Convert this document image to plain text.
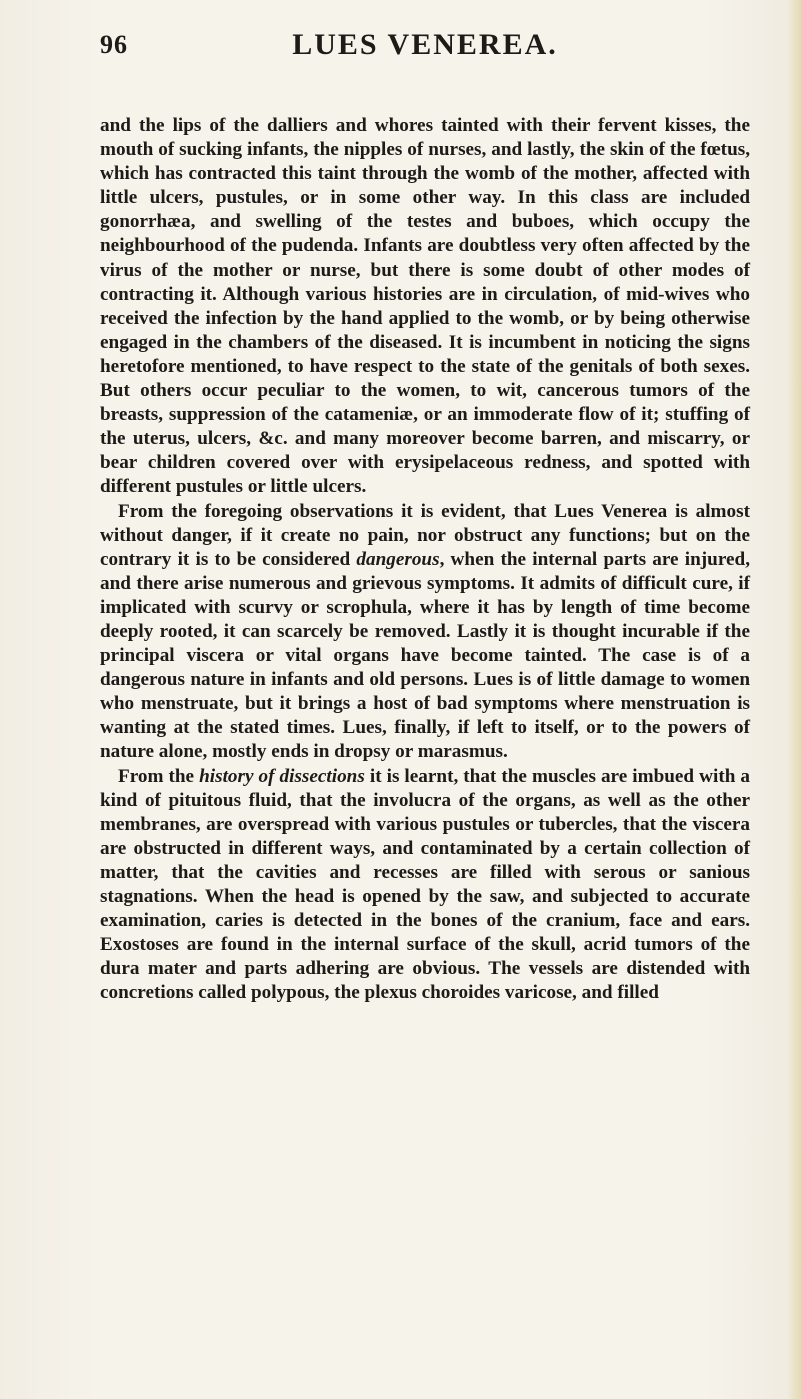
96	LUES VENEREA.

and the lips of the dalliers and whores tainted with their fervent kisses, the mouth of sucking infants, the nipples of nurses, and lastly, the skin of the fœtus, which has contracted this taint through the womb of the mother, affected with little ulcers, pustules, or in some other way. In this class are included gonorrhæa, and swelling of the testes and buboes, which occupy the neighbourhood of the pudenda. Infants are doubtless very often affected by the virus of the mother or nurse, but there is some doubt of other modes of contracting it. Although various histories are in circulation, of mid-wives who received the infection by the hand applied to the womb, or by being otherwise engaged in the chambers of the diseased. It is incumbent in noticing the signs heretofore mentioned, to have respect to the state of the genitals of both sexes. But others occur peculiar to the women, to wit, cancerous tumors of the breasts, suppression of the catameniæ, or an immoderate flow of it; stuffing of the uterus, ulcers, &c. and many moreover become barren, and miscarry, or bear children covered over with erysipelaceous redness, and spotted with different pustules or little ulcers.

From the foregoing observations it is evident, that Lues Venerea is almost without danger, if it create no pain, nor obstruct any functions; but on the contrary it is to be considered dangerous, when the internal parts are injured, and there arise numerous and grievous symptoms. It admits of difficult cure, if implicated with scurvy or scrophula, where it has by length of time become deeply rooted, it can scarcely be removed. Lastly it is thought incurable if the principal viscera or vital organs have become tainted. The case is of a dangerous nature in infants and old persons. Lues is of little damage to women who menstruate, but it brings a host of bad symptoms where menstruation is wanting at the stated times. Lues, finally, if left to itself, or to the powers of nature alone, mostly ends in dropsy or marasmus.

From the history of dissections it is learnt, that the muscles are imbued with a kind of pituitous fluid, that the involucra of the organs, as well as the other membranes, are overspread with various pustules or tubercles, that the viscera are obstructed in different ways, and contaminated by a certain collection of matter, that the cavities and recesses are filled with serous or sanious stagnations. When the head is opened by the saw, and subjected to accurate examination, caries is detected in the bones of the cranium, face and ears. Exostoses are found in the internal surface of the skull, acrid tumors of the dura mater and parts adhering are obvious. The vessels are distended with concretions called polypous, the plexus choroides varicose, and filled
